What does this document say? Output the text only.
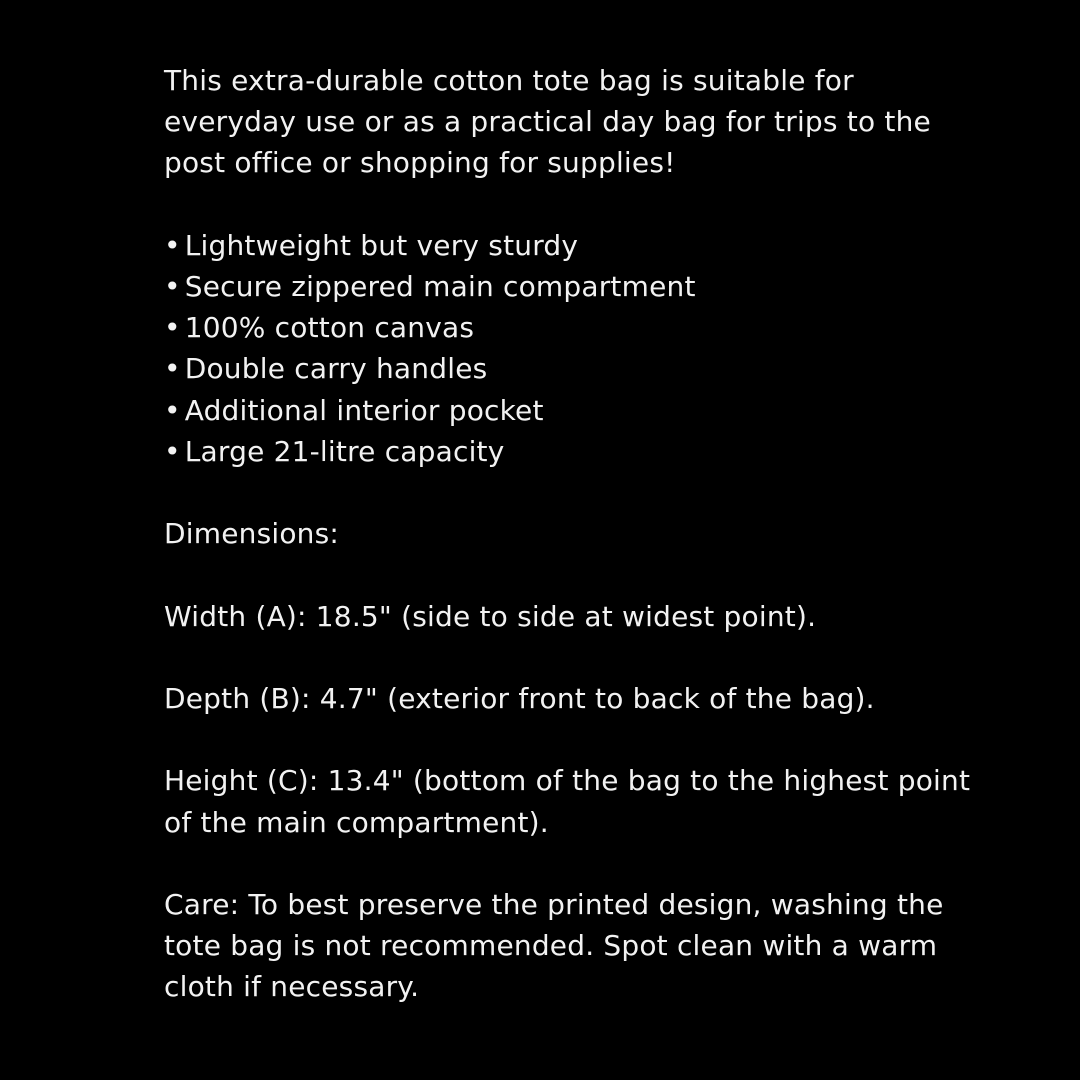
This extra-durable cotton tote bag is suitable for everyday use or as a practical day bag for trips to the post office or shopping for supplies!

• Lightweight but very sturdy
• Secure zippered main compartment
• 100% cotton canvas
• Double carry handles
• Additional interior pocket
• Large 21-litre capacity

Dimensions:

Width (A): 18.5" (side to side at widest point).

Depth (B): 4.7" (exterior front to back of the bag).

Height (C): 13.4" (bottom of the bag to the highest point of the main compartment).

Care: To best preserve the printed design, washing the tote bag is not recommended. Spot clean with a warm cloth if necessary.
